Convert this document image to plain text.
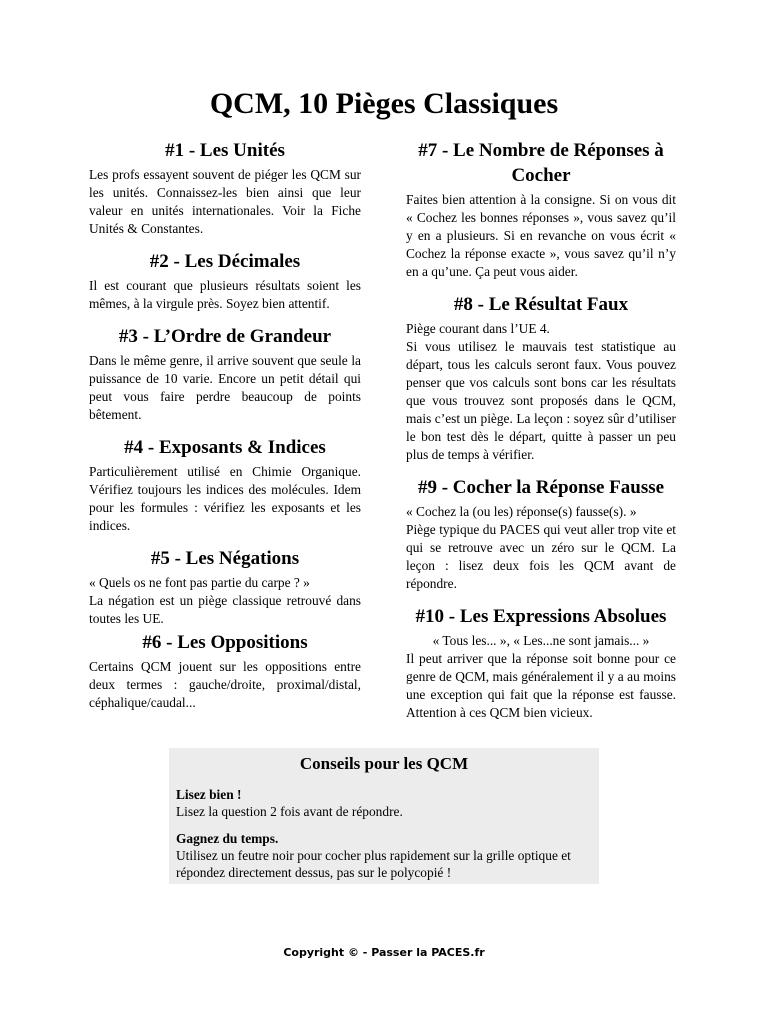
QCM, 10 Pièges Classiques
#1 - Les Unités

Les profs essayent souvent de piéger les QCM sur les unités. Connaissez-les bien ainsi que leur valeur en unités internationales. Voir la Fiche Unités & Constantes.

#2 - Les Décimales

Il est courant que plusieurs résultats soient les mêmes, à la virgule près. Soyez bien attentif.

#3 - L’Ordre de Grandeur

Dans le même genre, il arrive souvent que seule la puissance de 10 varie. Encore un petit détail qui peut vous faire perdre beaucoup de points bêtement.

#4 - Exposants & Indices

Particulièrement utilisé en Chimie Organique. Vérifiez toujours les indices des molécules. Idem pour les formules : vérifiez les exposants et les indices.

#5 - Les Négations

« Quels os ne font pas partie du carpe ? »

La négation est un piège classique retrouvé dans toutes les UE.

#6 - Les Oppositions

Certains QCM jouent sur les oppositions entre deux termes : gauche/droite, proximal/distal, céphalique/caudal...

#7 - Le Nombre de Réponses à Cocher

Faites bien attention à la consigne. Si on vous dit « Cochez les bonnes réponses », vous savez qu’il y en a plusieurs. Si en revanche on vous écrit « Cochez la réponse exacte », vous savez qu’il n’y en a qu’une. Ça peut vous aider.

#8 - Le Résultat Faux

Piège courant dans l’UE 4.

Si vous utilisez le mauvais test statistique au départ, tous les calculs seront faux. Vous pouvez penser que vos calculs sont bons car les résultats que vous trouvez sont proposés dans le QCM, mais c’est un piège. La leçon : soyez sûr d’utiliser le bon test dès le départ, quitte à passer un peu plus de temps à vérifier.

#9 - Cocher la Réponse Fausse

« Cochez la (ou les) réponse(s) fausse(s). »

Piège typique du PACES qui veut aller trop vite et qui se retrouve avec un zéro sur le QCM. La leçon : lisez deux fois les QCM avant de répondre.

#10 - Les Expressions Absolues

« Tous les... », « Les...ne sont jamais... »

Il peut arriver que la réponse soit bonne pour ce genre de QCM, mais généralement il y a au moins une exception qui fait que la réponse est fausse. Attention à ces QCM bien vicieux.

Conseils pour les QCM
Lisez bien !
Lisez la question 2 fois avant de répondre.
Gagnez du temps.
Utilisez un feutre noir pour cocher plus rapidement sur la grille optique et répondez directement dessus, pas sur le polycopié !
Copyright © - Passer la PACES.fr
